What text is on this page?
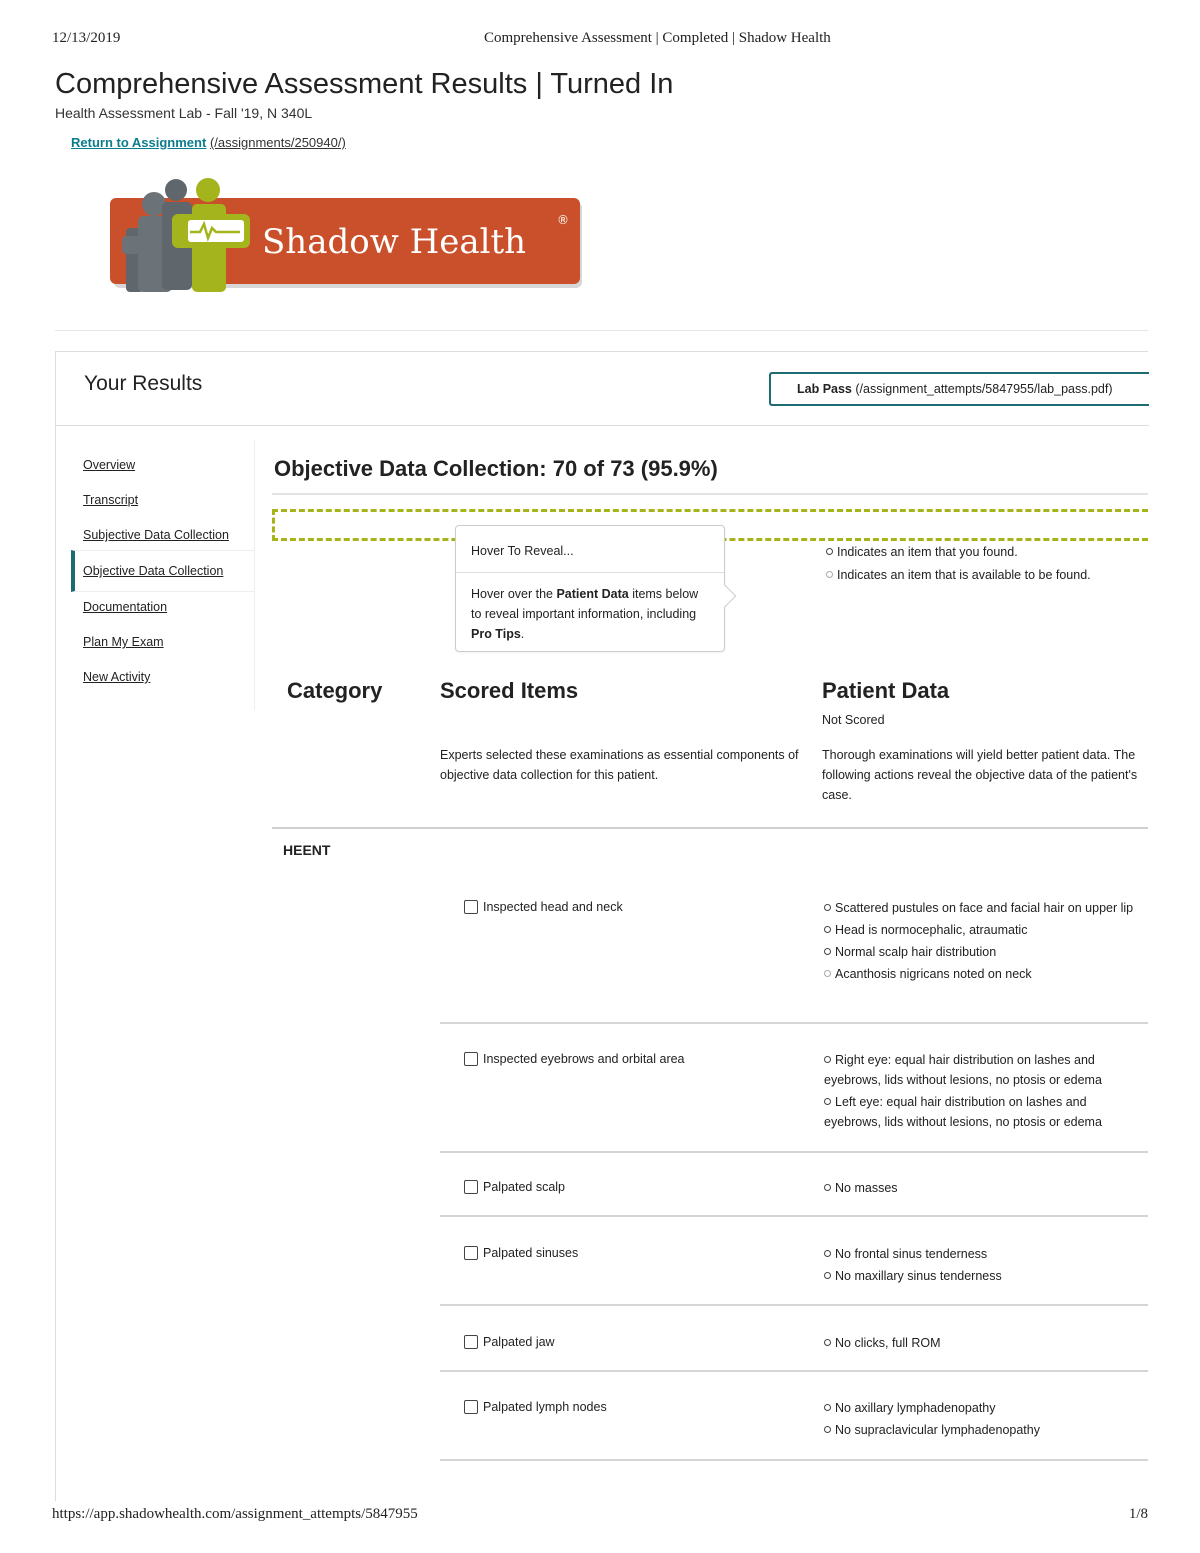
12/13/2019	Comprehensive Assessment | Completed | Shadow Health
Comprehensive Assessment Results | Turned In
Health Assessment Lab - Fall '19, N 340L
Return to Assignment (/assignments/250940/)
Shadow Health
®
Your Results	Lab Pass (/assignment_attempts/5847955/lab_pass.pdf)
Overview
Transcript
Subjective Data Collection
Objective Data Collection
Documentation
Plan My Exam
New Activity
Objective Data Collection: 70 of 73 (95.9%)
Indicates an item that you found.
Indicates an item that is available to be found.
Hover To Reveal...
Hover over the Patient Data items below to reveal important information, including Pro Tips.
Category	Scored Items	Patient Data
Not Scored
Experts selected these examinations as essential components of objective data collection for this patient.
Thorough examinations will yield better patient data. The following actions reveal the objective data of the patient's case.
HEENT
Inspected head and neck	Scattered pustules on face and facial hair on upper lip

Head is normocephalic, atraumatic

Normal scalp hair distribution

Acanthosis nigricans noted on neck

Inspected eyebrows and orbital area	Right eye: equal hair distribution on lashes and eyebrows, lids without lesions, no ptosis or edema

Left eye: equal hair distribution on lashes and eyebrows, lids without lesions, no ptosis or edema

Palpated scalp	No masses

Palpated sinuses	No frontal sinus tenderness

No maxillary sinus tenderness

Palpated jaw	No clicks, full ROM

Palpated lymph nodes	No axillary lymphadenopathy

No supraclavicular lymphadenopathy

https://app.shadowhealth.com/assignment_attempts/5847955	1/8
